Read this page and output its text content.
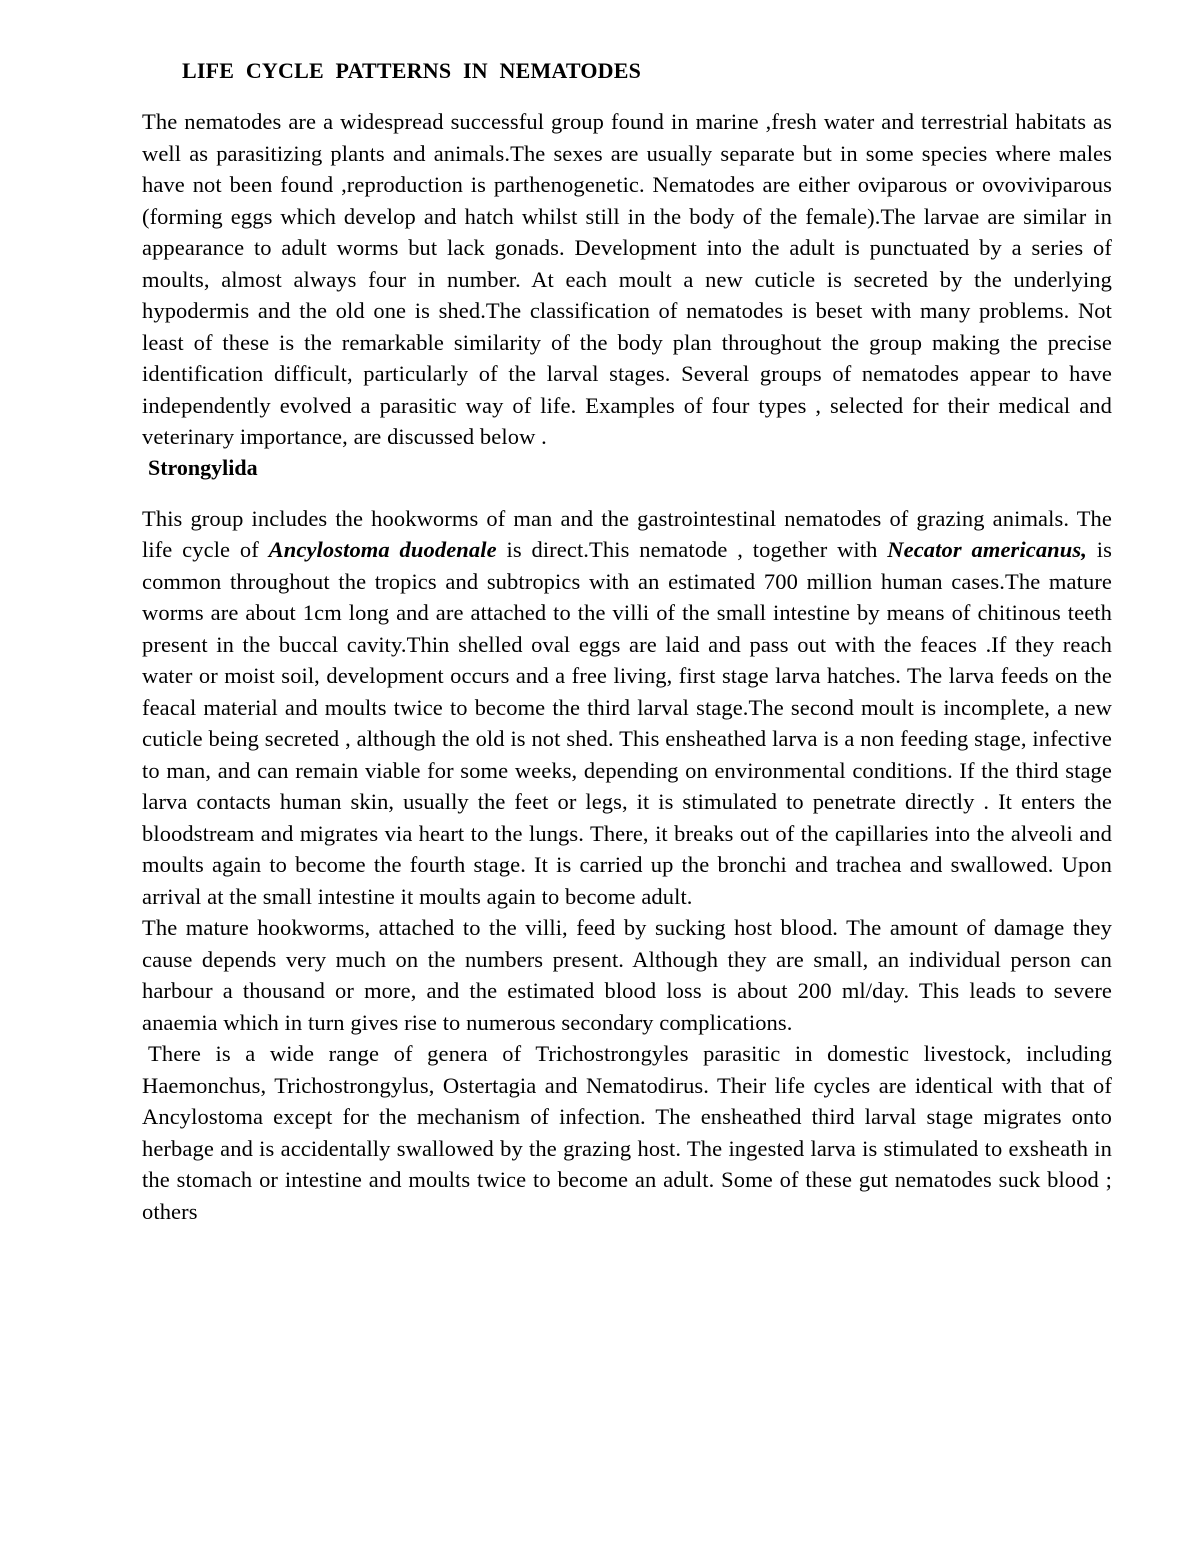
LIFE CYCLE PATTERNS IN NEMATODES

The nematodes are a widespread successful group found in marine ,fresh water and terrestrial habitats as well as parasitizing plants and animals.The sexes are usually separate but in some species where males have not been found ,reproduction is parthenogenetic. Nematodes are either oviparous or ovoviviparous (forming eggs which develop and hatch whilst still in the body of the female).The larvae are similar in appearance to adult worms but lack gonads. Development into the adult is punctuated by a series of moults, almost always four in number. At each moult a new cuticle is secreted by the underlying hypodermis and the old one is shed.The classification of nematodes is beset with many problems. Not least of these is the remarkable similarity of the body plan throughout the group making the precise identification difficult, particularly of the larval stages. Several groups of nematodes appear to have independently evolved a parasitic way of life. Examples of four types , selected for their medical and veterinary importance, are discussed below .

Strongylida

This group includes the hookworms of man and the gastrointestinal nematodes of grazing animals. The life cycle of Ancylostoma duodenale is direct.This nematode , together with Necator americanus, is common throughout the tropics and subtropics with an estimated 700 million human cases.The mature worms are about 1cm long and are attached to the villi of the small intestine by means of chitinous teeth present in the buccal cavity.Thin shelled oval eggs are laid and pass out with the feaces .If they reach water or moist soil, development occurs and a free living, first stage larva hatches. The larva feeds on the feacal material and moults twice to become the third larval stage.The second moult is incomplete, a new cuticle being secreted , although the old is not shed. This ensheathed larva is a non feeding stage, infective to man, and can remain viable for some weeks, depending on environmental conditions. If the third stage larva contacts human skin, usually the feet or legs, it is stimulated to penetrate directly . It enters the bloodstream and migrates via heart to the lungs. There, it breaks out of the capillaries into the alveoli and moults again to become the fourth stage. It is carried up the bronchi and trachea and swallowed. Upon arrival at the small intestine it moults again to become adult.

The mature hookworms, attached to the villi, feed by sucking host blood. The amount of damage they cause depends very much on the numbers present. Although they are small, an individual person can harbour a thousand or more, and the estimated blood loss is about 200 ml/day. This leads to severe anaemia which in turn gives rise to numerous secondary complications.

There is a wide range of genera of Trichostrongyles parasitic in domestic livestock, including Haemonchus, Trichostrongylus, Ostertagia and Nematodirus. Their life cycles are identical with that of Ancylostoma except for the mechanism of infection. The ensheathed third larval stage migrates onto herbage and is accidentally swallowed by the grazing host. The ingested larva is stimulated to exsheath in the stomach or intestine and moults twice to become an adult. Some of these gut nematodes suck blood ; others
